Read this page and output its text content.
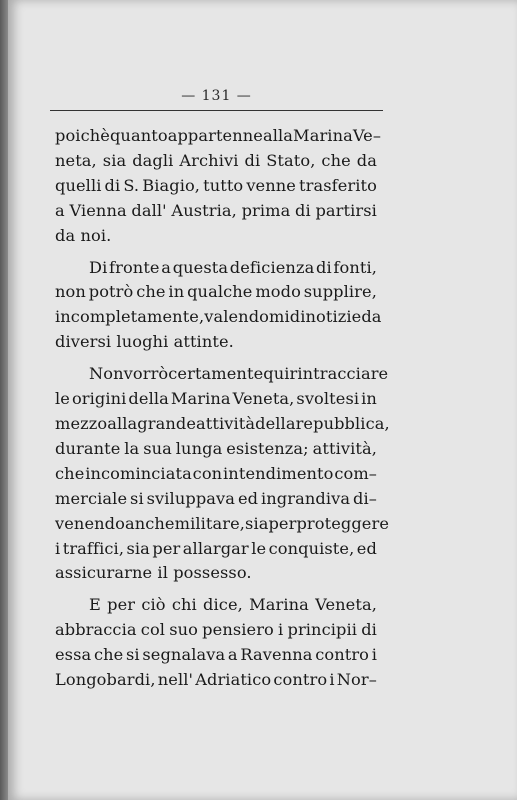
— 131 —
poichè quanto appartenne alla Marina Ve–
neta, sia dagli Archivi di Stato, che da
quelli di S. Biagio, tutto venne trasferito
a Vienna dall' Austria, prima di partirsi
da noi.
Di fronte a questa deficienza di fonti,
non potrò che in qualche modo supplire,
incompletamente, valendomi di notizie da
diversi luoghi attinte.
Non vorrò certamente qui rintracciare
le origini della Marina Veneta, svoltesi in
mezzo alla grande attività della repubblica,
durante la sua lunga esistenza; attività,
che incominciata con intendimento com–
merciale si sviluppava ed ingrandiva di–
venendo anche militare, sia per proteggere
i traffici, sia per allargar le conquiste, ed
assicurarne il possesso.
E per ciò chi dice, Marina Veneta,
abbraccia col suo pensiero i principii di
essa che si segnalava a Ravenna contro i
Longobardi, nell' Adriatico contro i Nor–
